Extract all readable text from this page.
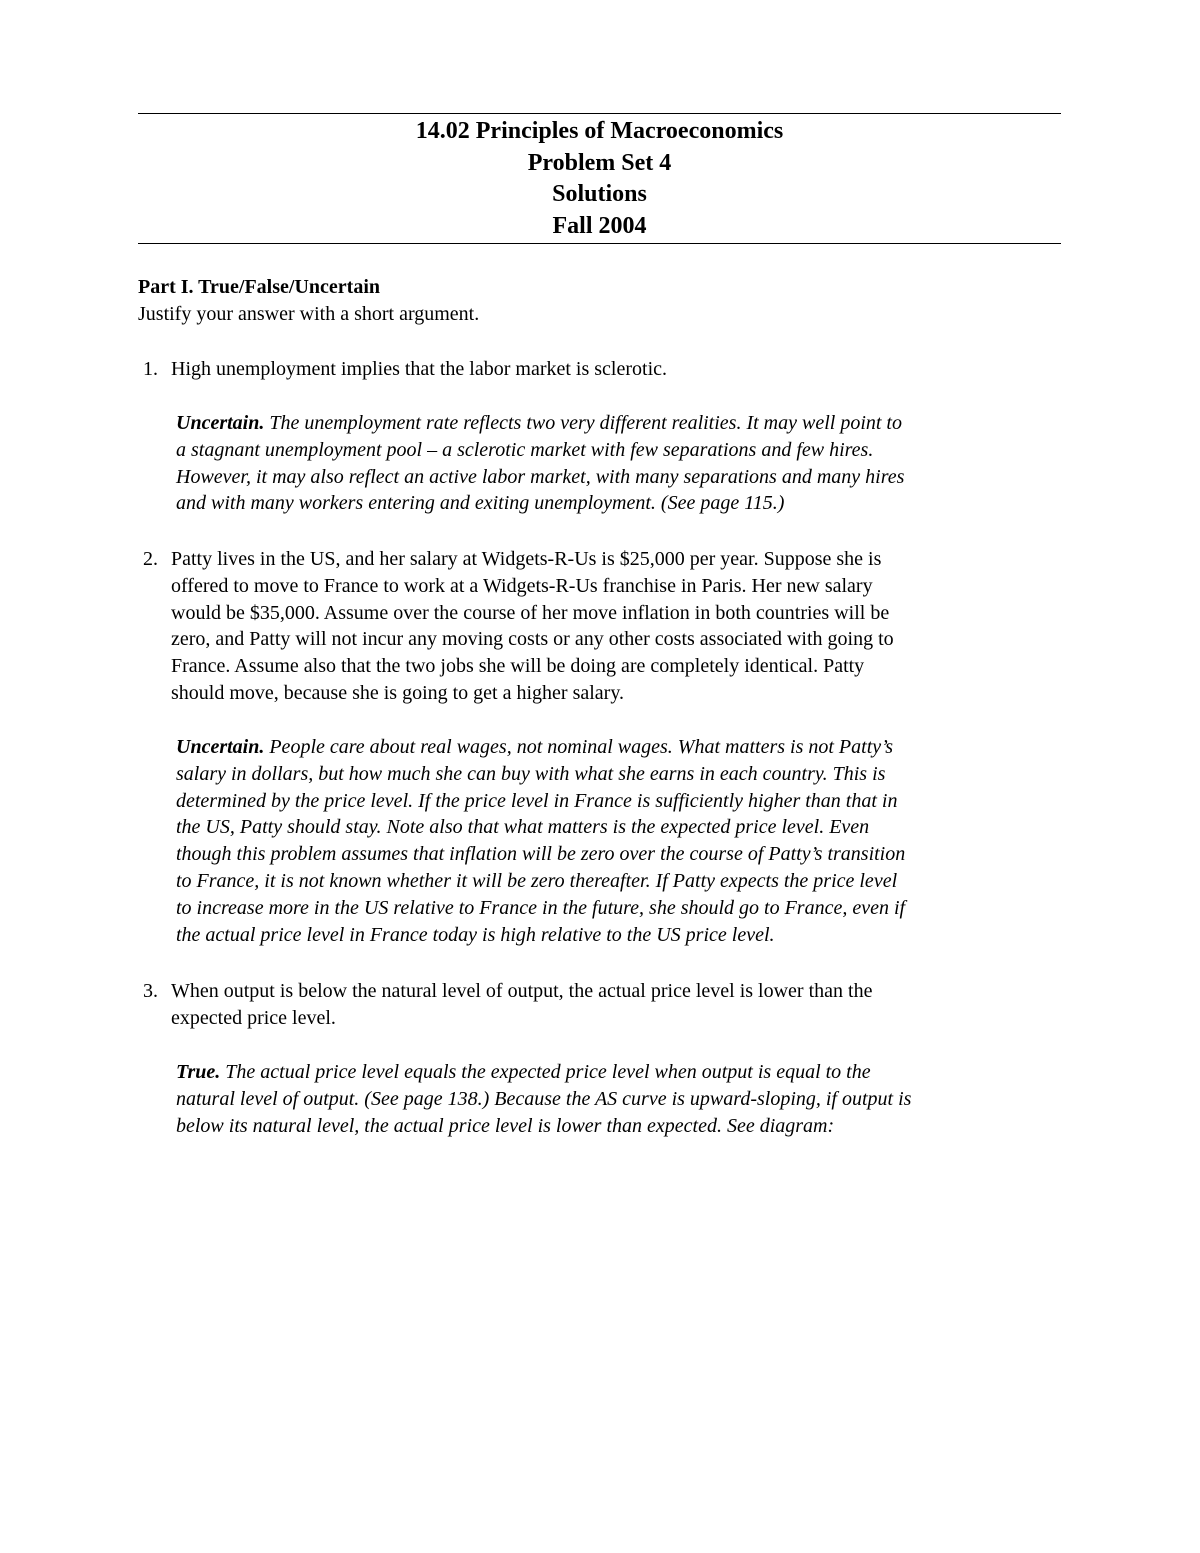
14.02 Principles of Macroeconomics
Problem Set 4
Solutions
Fall 2004
Part I. True/False/Uncertain
Justify your answer with a short argument.
1. High unemployment implies that the labor market is sclerotic.
Uncertain. The unemployment rate reflects two very different realities. It may well point to
a stagnant unemployment pool – a sclerotic market with few separations and few hires.
However, it may also reflect an active labor market, with many separations and many hires
and with many workers entering and exiting unemployment. (See page 115.)
2. Patty lives in the US, and her salary at Widgets-R-Us is $25,000 per year. Suppose she is
offered to move to France to work at a Widgets-R-Us franchise in Paris. Her new salary
would be $35,000. Assume over the course of her move inflation in both countries will be
zero, and Patty will not incur any moving costs or any other costs associated with going to
France. Assume also that the two jobs she will be doing are completely identical. Patty
should move, because she is going to get a higher salary.
Uncertain. People care about real wages, not nominal wages. What matters is not Patty’s
salary in dollars, but how much she can buy with what she earns in each country. This is
determined by the price level. If the price level in France is sufficiently higher than that in
the US, Patty should stay. Note also that what matters is the expected price level. Even
though this problem assumes that inflation will be zero over the course of Patty’s transition
to France, it is not known whether it will be zero thereafter. If Patty expects the price level
to increase more in the US relative to France in the future, she should go to France, even if
the actual price level in France today is high relative to the US price level.
3. When output is below the natural level of output, the actual price level is lower than the
expected price level.
True. The actual price level equals the expected price level when output is equal to the
natural level of output. (See page 138.) Because the AS curve is upward-sloping, if output is
below its natural level, the actual price level is lower than expected. See diagram:
